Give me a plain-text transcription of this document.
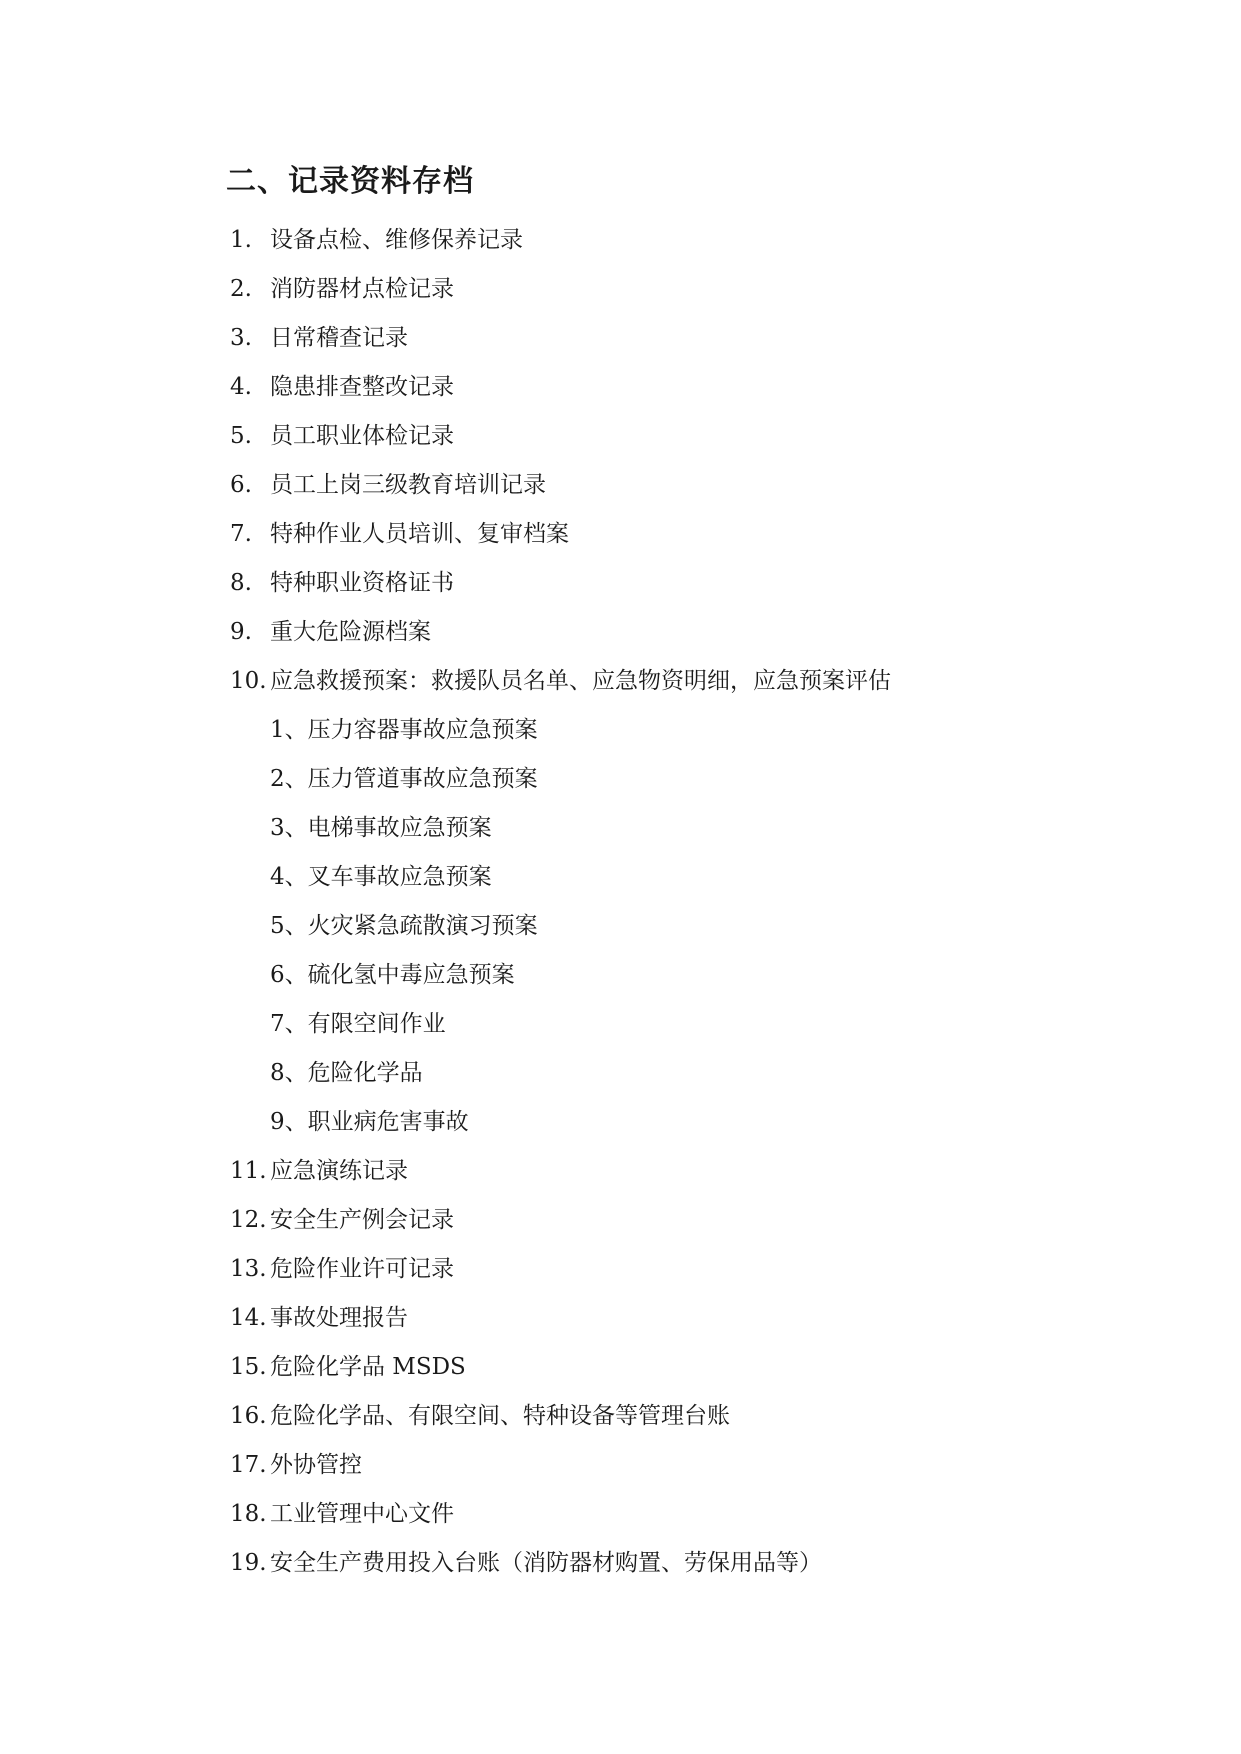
二、记录资料存档
1. 设备点检、维修保养记录
2. 消防器材点检记录
3. 日常稽查记录
4. 隐患排查整改记录
5. 员工职业体检记录
6. 员工上岗三级教育培训记录
7. 特种作业人员培训、复审档案
8. 特种职业资格证书
9. 重大危险源档案
10. 应急救援预案：救援队员名单、应急物资明细，应急预案评估
1、 压力容器事故应急预案
2、 压力管道事故应急预案
3、 电梯事故应急预案
4、 叉车事故应急预案
5、 火灾紧急疏散演习预案
6、 硫化氢中毒应急预案
7、 有限空间作业
8、 危险化学品
9、 职业病危害事故
11. 应急演练记录
12. 安全生产例会记录
13. 危险作业许可记录
14. 事故处理报告
15. 危险化学品 MSDS
16. 危险化学品、有限空间、特种设备等管理台账
17. 外协管控
18. 工业管理中心文件
19. 安全生产费用投入台账（消防器材购置、劳保用品等）
